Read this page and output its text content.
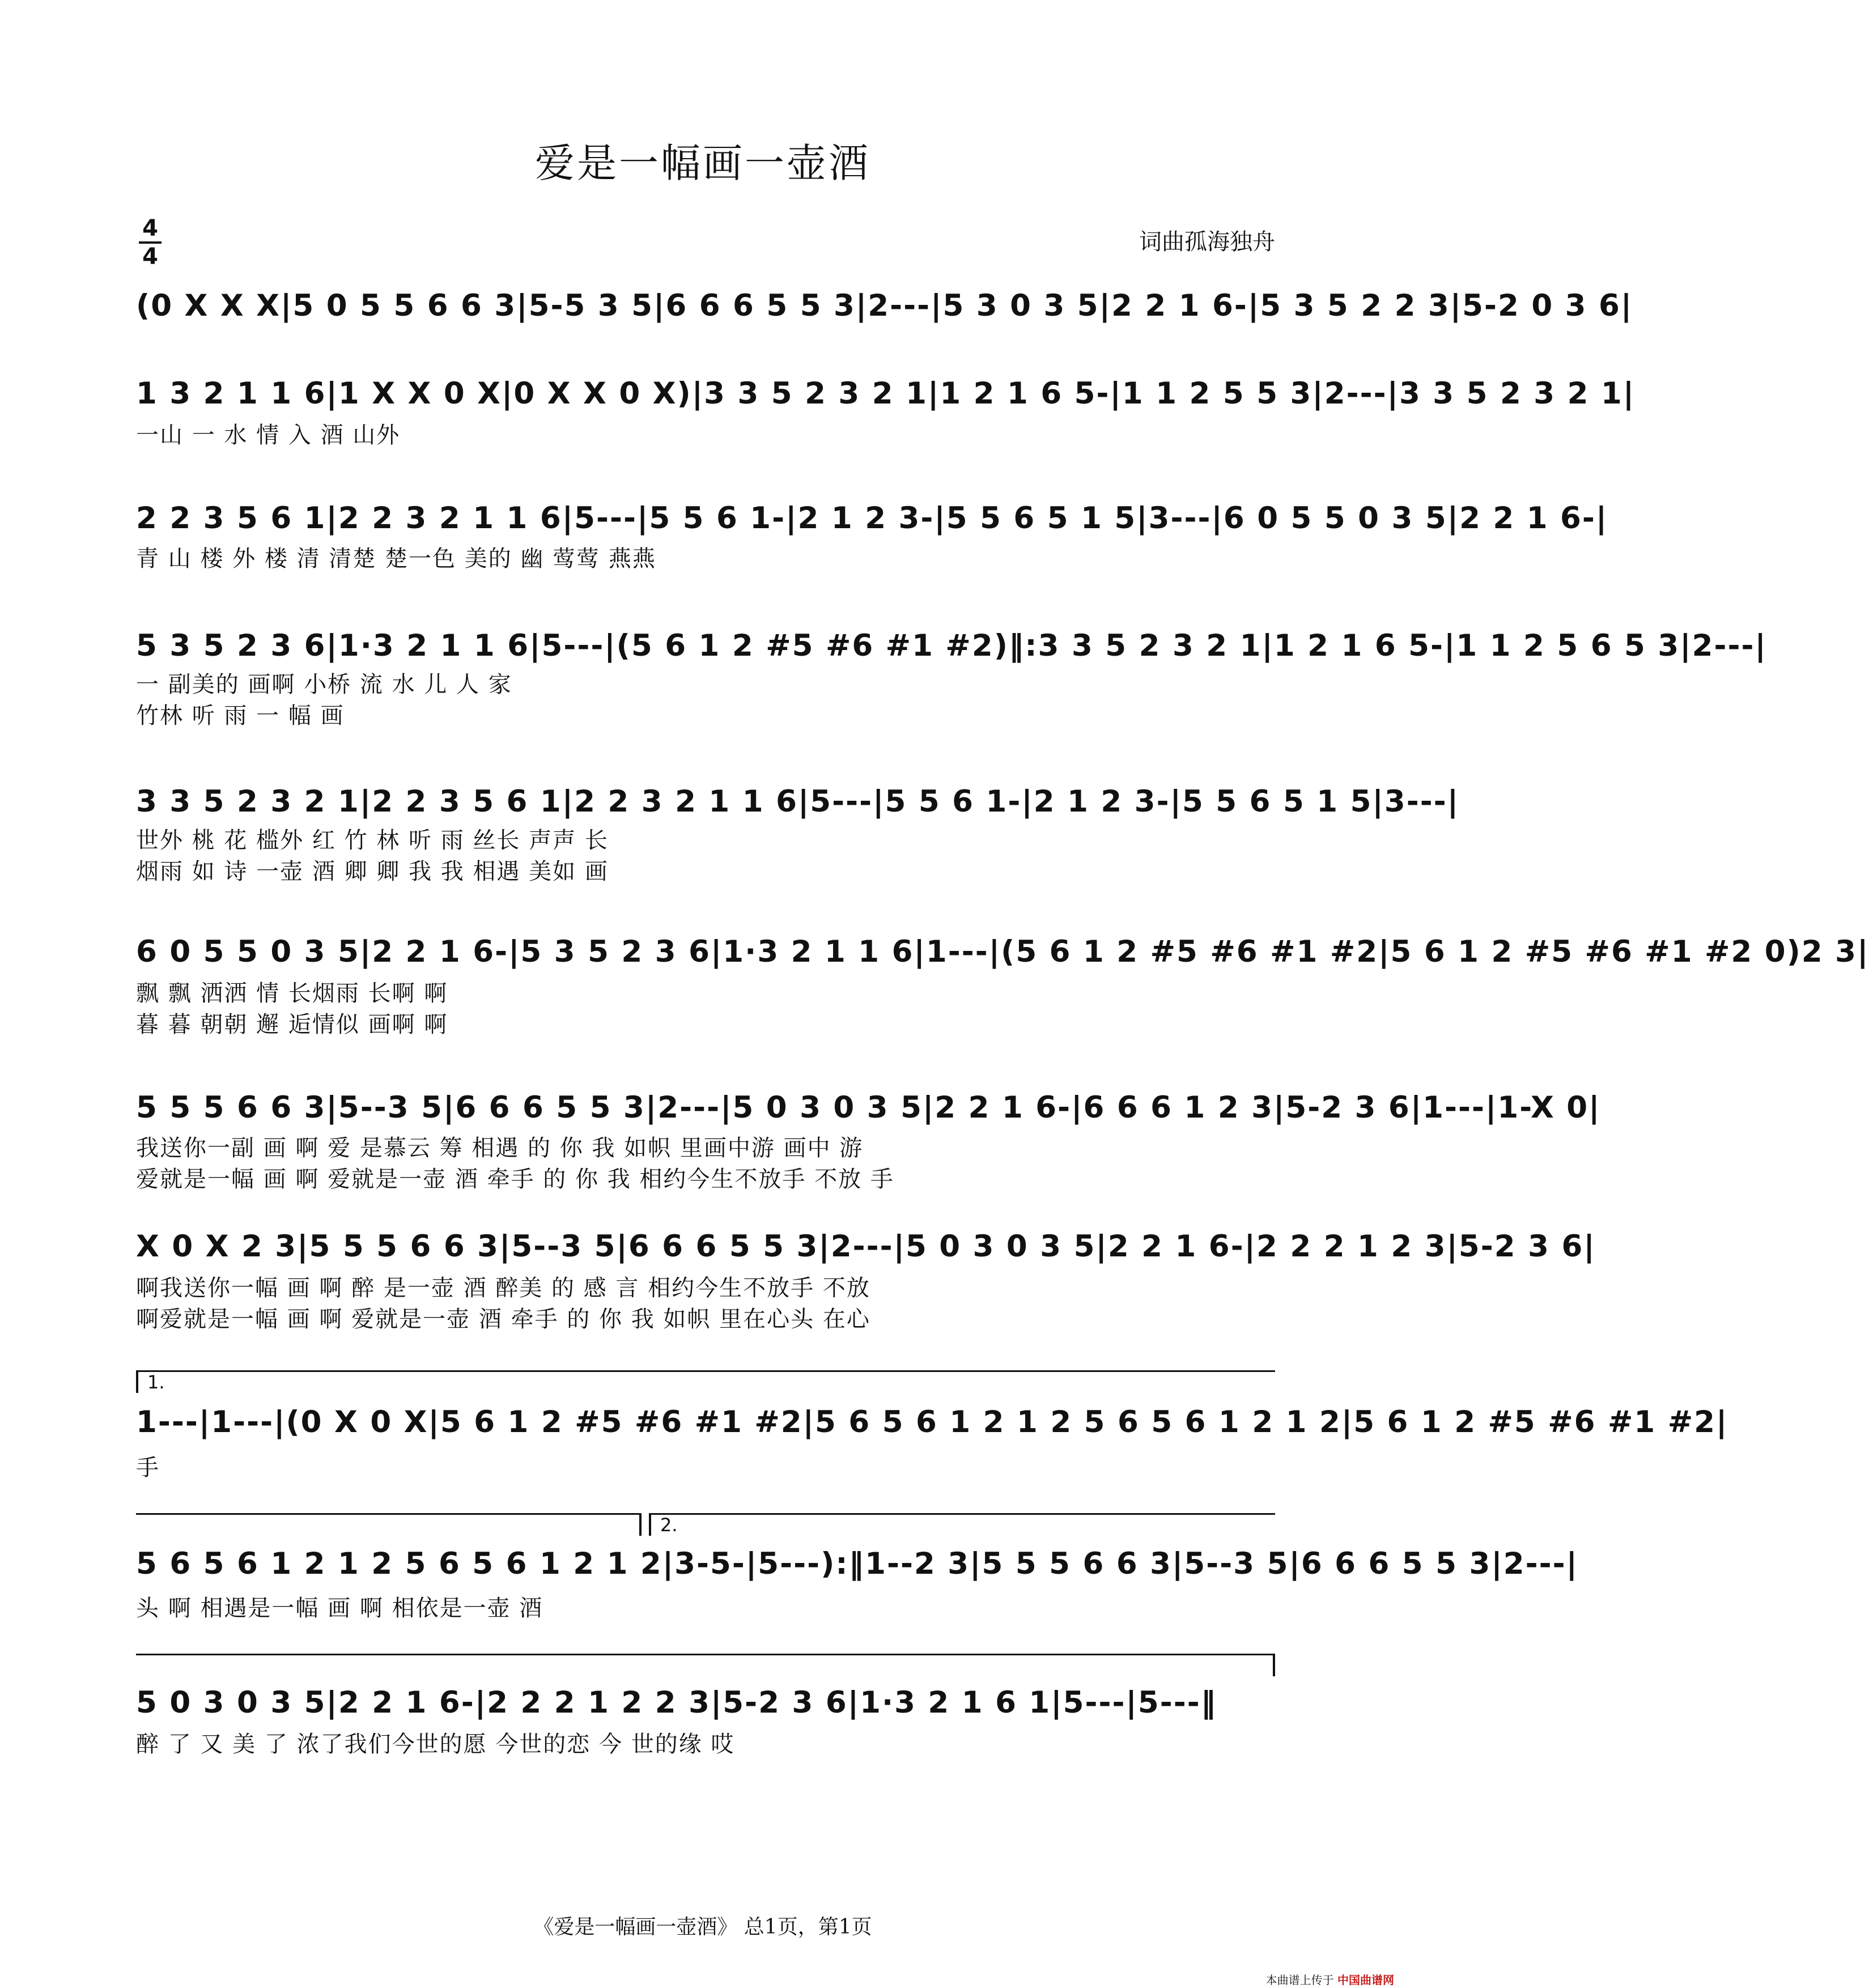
爱是一幅画一壶酒
4
4
词曲孤海独舟
(0 X X X|5 0 5 5 6 6 3|5-5 3 5|6 6 6 5 5 3|2---|5 3 0 3 5|2 2 1 6-|5 3 5 2 2 3|5-2 0 3 6|
1 3 2 1 1 6|1 X X 0 X|0 X X 0 X)|3 3 5 2 3 2 1|1 2 1 6 5-|1 1 2 5 5 3|2---|3 3 5 2 3 2 1|
一山 一 水 情 入 酒 山外
2 2 3 5 6 1|2 2 3 2 1 1 6|5---|5 5 6 1-|2 1 2 3-|5 5 6 5 1 5|3---|6 0 5 5 0 3 5|2 2 1 6-|
青 山 楼 外 楼 清 清楚 楚一色 美的 幽 莺莺 燕燕
5 3 5 2 3 6|1·3 2 1 1 6|5---|(5 6 1 2 #5 #6 #1 #2)‖:3 3 5 2 3 2 1|1 2 1 6 5-|1 1 2 5 6 5 3|2---|
一 副美的 画啊 小桥 流 水 儿 人 家
竹林 听 雨 一 幅 画
3 3 5 2 3 2 1|2 2 3 5 6 1|2 2 3 2 1 1 6|5---|5 5 6 1-|2 1 2 3-|5 5 6 5 1 5|3---|
世外 桃 花 槛外 红 竹 林 听 雨 丝长 声声 长
烟雨 如 诗 一壶 酒 卿 卿 我 我 相遇 美如 画
6 0 5 5 0 3 5|2 2 1 6-|5 3 5 2 3 6|1·3 2 1 1 6|1---|(5 6 1 2 #5 #6 #1 #2|5 6 1 2 #5 #6 #1 #2 0)2 3|
飘 飘 洒洒 情 长烟雨 长啊 啊
暮 暮 朝朝 邂 逅情似 画啊 啊
5 5 5 6 6 3|5--3 5|6 6 6 5 5 3|2---|5 0 3 0 3 5|2 2 1 6-|6 6 6 1 2 3|5-2 3 6|1---|1-X 0|
我送你一副 画 啊 爱 是慕云 筹 相遇 的 你 我 如帜 里画中游 画中 游
爱就是一幅 画 啊 爱就是一壶 酒 牵手 的 你 我 相约今生不放手 不放 手
X 0 X 2 3|5 5 5 6 6 3|5--3 5|6 6 6 5 5 3|2---|5 0 3 0 3 5|2 2 1 6-|2 2 2 1 2 3|5-2 3 6|
啊我送你一幅 画 啊 醉 是一壶 酒 醉美 的 感 言 相约今生不放手 不放
啊爱就是一幅 画 啊 爱就是一壶 酒 牵手 的 你 我 如帜 里在心头 在心
1.
1---|1---|(0 X 0 X|5 6 1 2 #5 #6 #1 #2|5 6 5 6 1 2 1 2 5 6 5 6 1 2 1 2|5 6 1 2 #5 #6 #1 #2|
手
2.
5 6 5 6 1 2 1 2 5 6 5 6 1 2 1 2|3-5-|5---):‖1--2 3|5 5 5 6 6 3|5--3 5|6 6 6 5 5 3|2---|
头 啊 相遇是一幅 画 啊 相依是一壶 酒
5 0 3 0 3 5|2 2 1 6-|2 2 2 1 2 2 3|5-2 3 6|1·3 2 1 6 1|5---|5---‖
醉 了 又 美 了 浓了我们今世的愿 今世的恋 今 世的缘 哎
《爱是一幅画一壶酒》 总1页，第1页
本曲谱上传于 中国曲谱网
